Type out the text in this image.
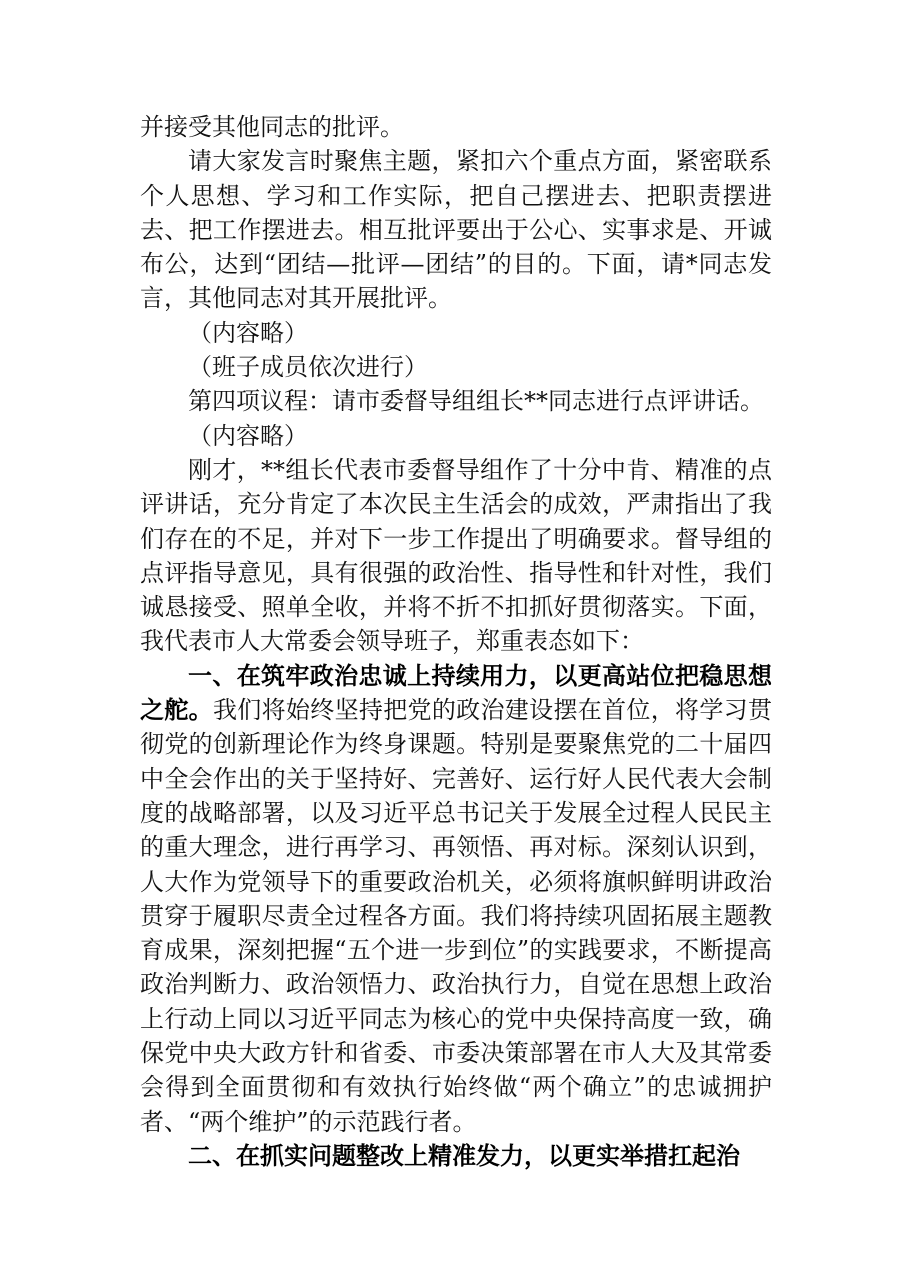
并接受其他同志的批评。

请大家发言时聚焦主题，紧扣六个重点方面，紧密联系个人思想、学习和工作实际，把自己摆进去、把职责摆进去、把工作摆进去。相互批评要出于公心、实事求是、开诚布公，达到“团结—批评—团结”的目的。下面，请*同志发言，其他同志对其开展批评。

（内容略）

（班子成员依次进行）

第四项议程：请市委督导组组长**同志进行点评讲话。

（内容略）

刚才，**组长代表市委督导组作了十分中肯、精准的点评讲话，充分肯定了本次民主生活会的成效，严肃指出了我们存在的不足，并对下一步工作提出了明确要求。督导组的点评指导意见，具有很强的政治性、指导性和针对性，我们诚恳接受、照单全收，并将不折不扣抓好贯彻落实。下面，我代表市人大常委会领导班子，郑重表态如下：

一、在筑牢政治忠诚上持续用力，以更高站位把稳思想之舵。我们将始终坚持把党的政治建设摆在首位，将学习贯彻党的创新理论作为终身课题。特别是要聚焦党的二十届四中全会作出的关于坚持好、完善好、运行好人民代表大会制度的战略部署，以及习近平总书记关于发展全过程人民民主的重大理念，进行再学习、再领悟、再对标。深刻认识到，人大作为党领导下的重要政治机关，必须将旗帜鲜明讲政治贯穿于履职尽责全过程各方面。我们将持续巩固拓展主题教育成果，深刻把握“五个进一步到位”的实践要求，不断提高政治判断力、政治领悟力、政治执行力，自觉在思想上政治上行动上同以习近平同志为核心的党中央保持高度一致，确保党中央大政方针和省委、市委决策部署在市人大及其常委会得到全面贯彻和有效执行始终做“两个确立”的忠诚拥护者、“两个维护”的示范践行者。

二、在抓实问题整改上精准发力，以更实举措扛起治
